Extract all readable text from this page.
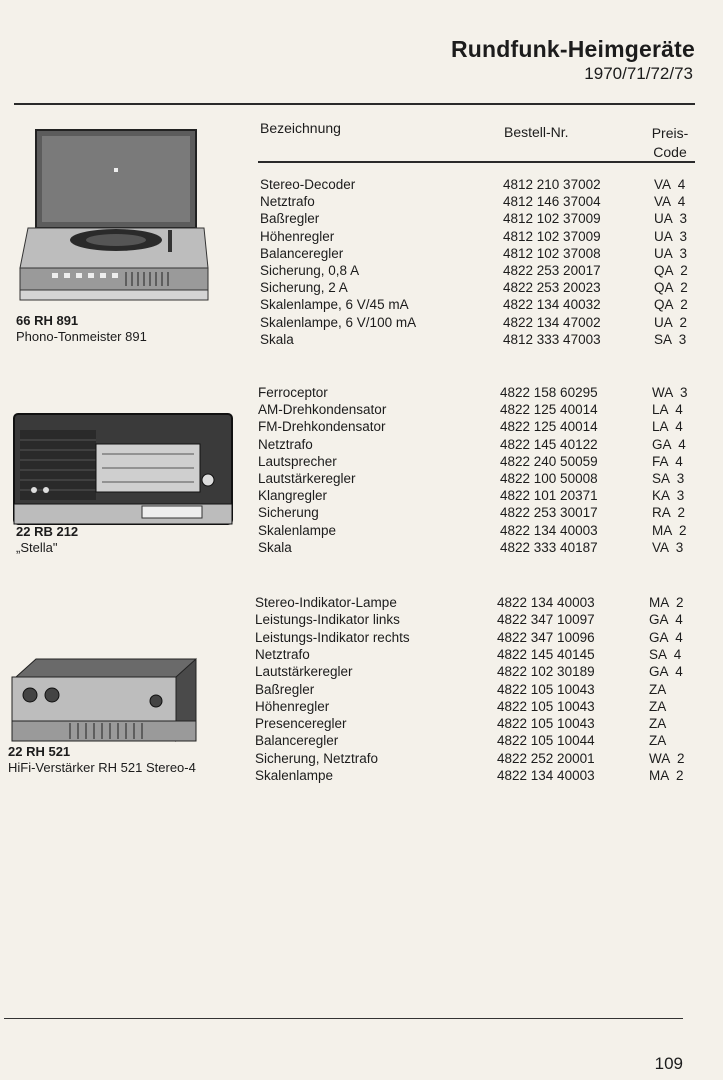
Rundfunk-Heimgeräte
1970/71/72/73
Bezeichnung	Bestell-Nr.	Preis-
Code
66 RH 891
Phono-Tonmeister 891
22 RB 212
„Stella"
22 RH 521
HiFi-Verstärker RH 521 Stereo-4
Stereo-Decoder	4812 210 37002	VA  4
Netztrafo	4812 146 37004	VA  4
Baßregler	4812 102 37009	UA  3
Höhenregler	4812 102 37009	UA  3
Balanceregler	4812 102 37008	UA  3
Sicherung, 0,8 A	4822 253 20017	QA  2
Sicherung, 2 A	4822 253 20023	QA  2
Skalenlampe, 6 V/45 mA	4822 134 40032	QA  2
Skalenlampe, 6 V/100 mA	4822 134 47002	UA  2
Skala	4812 333 47003	SA  3
Ferroceptor	4822 158 60295	WA  3
AM-Drehkondensator	4822 125 40014	LA  4
FM-Drehkondensator	4822 125 40014	LA  4
Netztrafo	4822 145 40122	GA  4
Lautsprecher	4822 240 50059	FA  4
Lautstärkeregler	4822 100 50008	SA  3
Klangregler	4822 101 20371	KA  3
Sicherung	4822 253 30017	RA  2
Skalenlampe	4822 134 40003	MA  2
Skala	4822 333 40187	VA  3
Stereo-Indikator-Lampe	4822 134 40003	MA  2
Leistungs-Indikator links	4822 347 10097	GA  4
Leistungs-Indikator rechts	4822 347 10096	GA  4
Netztrafo	4822 145 40145	SA  4
Lautstärkeregler	4822 102 30189	GA  4
Baßregler	4822 105 10043	ZA
Höhenregler	4822 105 10043	ZA
Presenceregler	4822 105 10043	ZA
Balanceregler	4822 105 10044	ZA
Sicherung, Netztrafo	4822 252 20001	WA  2
Skalenlampe	4822 134 40003	MA  2
109
